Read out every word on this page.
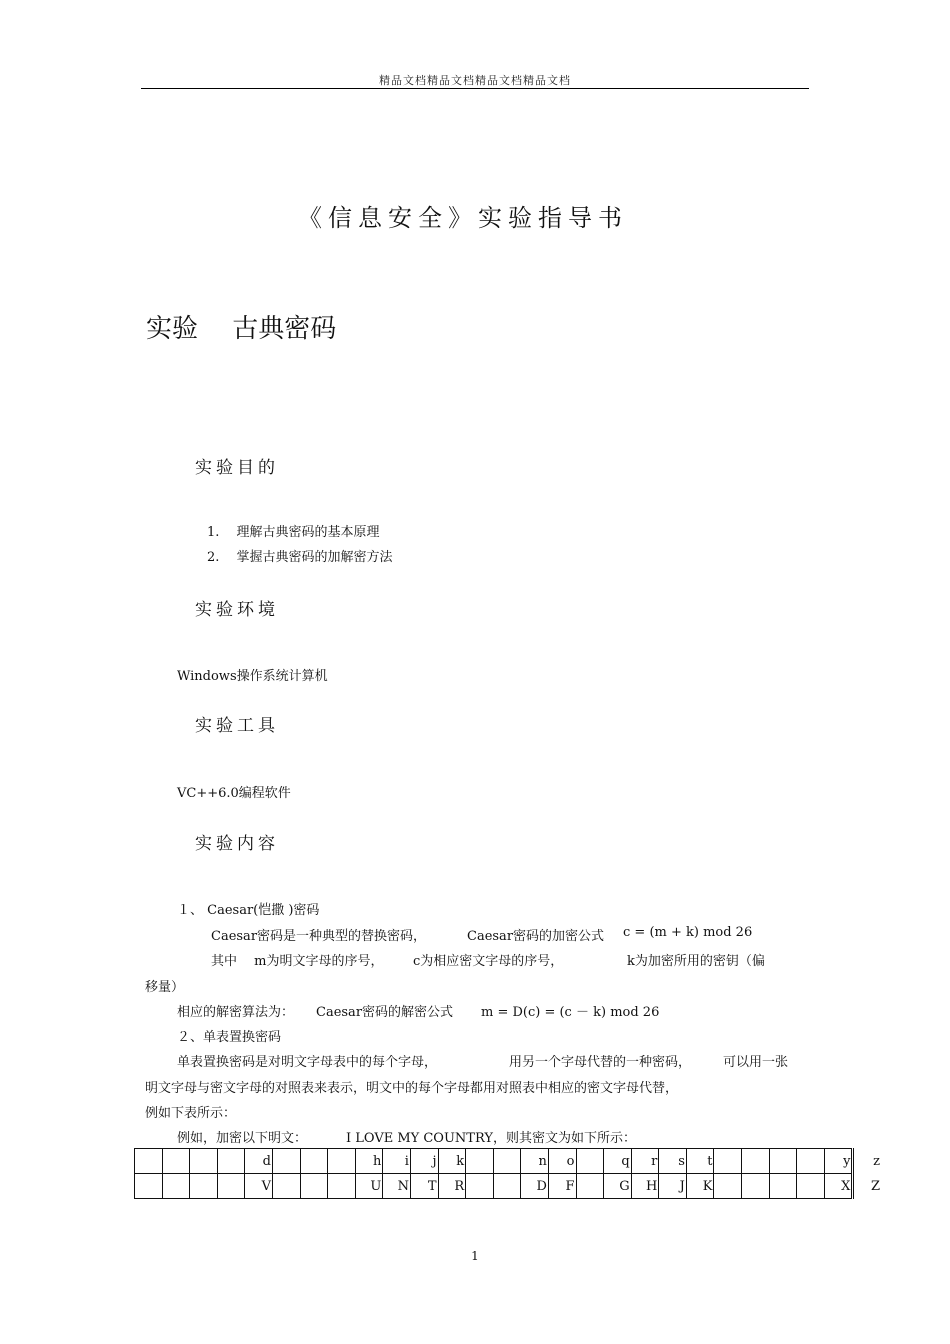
精品文档精品文档精品文档精品文档
《信息安全》实验指导书
实验　 古典密码
实验目的
1.　 理解古典密码的基本原理
2.　 掌握古典密码的加解密方法
实验环境
Windows操作系统计算机
实验工具
VC++6.0编程软件
实验内容
１、 Caesar(恺撒 )密码
Caesar密码是一种典型的替换密码，	Caesar密码的加密公式 c = (m + k) mod 26
其中　 m为明文字母的序号， c为相应密文字母的序号，	k为加密所用的密钥（偏
移量）
相应的解密算法为： Caesar密码的解密公式 m = D(c) = (c － k) mod 26
２、单表置换密码
单表置换密码是对明文字母表中的每个字母，	用另一个字母代替的一种密码， 可以用一张
明文字母与密文字母的对照表来表示，明文中的每个字母都用对照表中相应的密文字母代替，
例如下表所示：
例如，加密以下明文：	I LOVE MY COUNTRY，则其密文为如下所示：
				d				h	i	j	k			n	o		q	r	s	t					y	z
				V				U	N	T	R			D	F		G	H	J	K					X	Z
1
